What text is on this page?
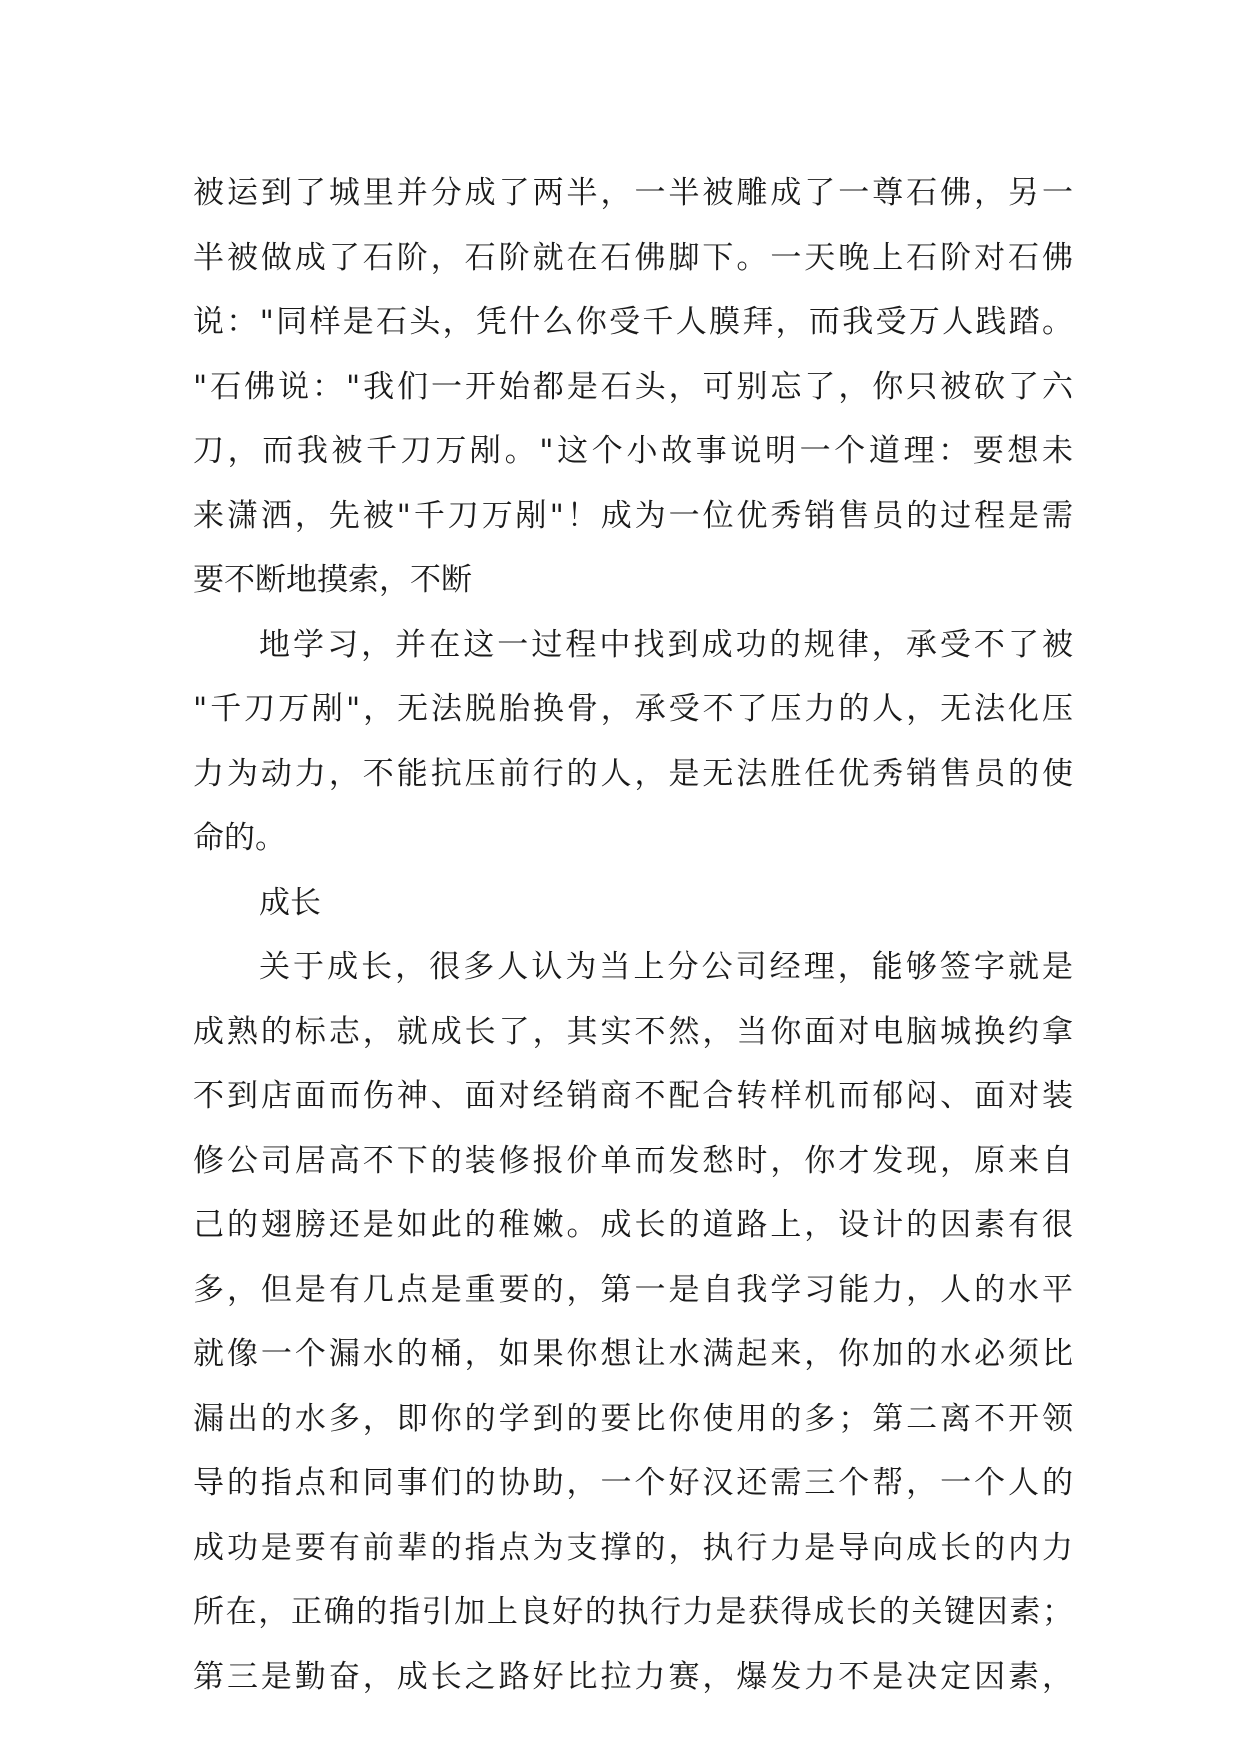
被运到了城里并分成了两半，一半被雕成了一尊石佛，另一
半被做成了石阶，石阶就在石佛脚下。一天晚上石阶对石佛
说："同样是石头，凭什么你受千人膜拜，而我受万人践踏。
"石佛说："我们一开始都是石头，可别忘了，你只被砍了六
刀，而我被千刀万剐。"这个小故事说明一个道理：要想未
来潇洒，先被"千刀万剐"！成为一位优秀销售员的过程是需
要不断地摸索，不断
地学习，并在这一过程中找到成功的规律，承受不了被
"千刀万剐"，无法脱胎换骨，承受不了压力的人，无法化压
力为动力，不能抗压前行的人，是无法胜任优秀销售员的使
命的。
成长
关于成长，很多人认为当上分公司经理，能够签字就是
成熟的标志，就成长了，其实不然，当你面对电脑城换约拿
不到店面而伤神、面对经销商不配合转样机而郁闷、面对装
修公司居高不下的装修报价单而发愁时，你才发现，原来自
己的翅膀还是如此的稚嫩。成长的道路上，设计的因素有很
多，但是有几点是重要的，第一是自我学习能力，人的水平
就像一个漏水的桶，如果你想让水满起来，你加的水必须比
漏出的水多，即你的学到的要比你使用的多；第二离不开领
导的指点和同事们的协助，一个好汉还需三个帮，一个人的
成功是要有前辈的指点为支撑的，执行力是导向成长的内力
所在，正确的指引加上良好的执行力是获得成长的关键因素；
第三是勤奋，成长之路好比拉力赛，爆发力不是决定因素，
